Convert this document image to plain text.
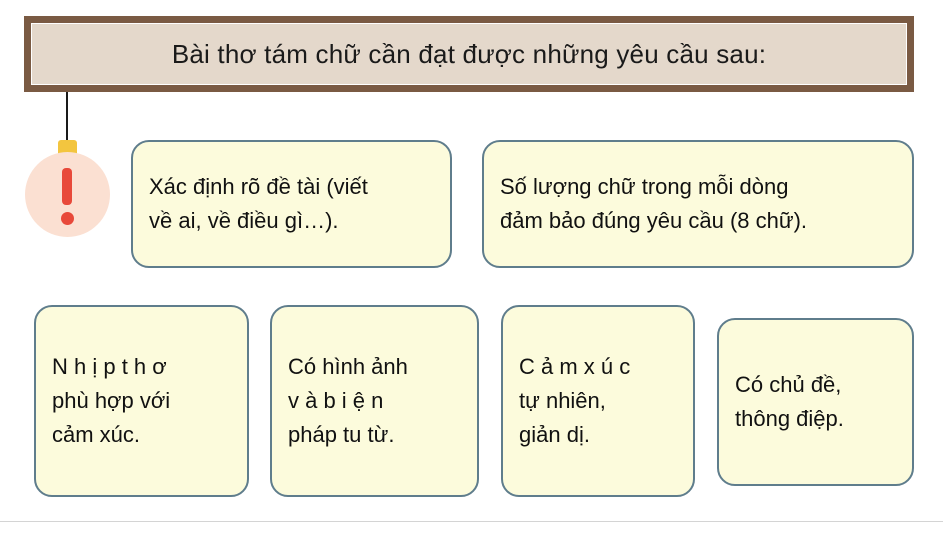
Bài thơ tám chữ cần đạt được những yêu cầu sau:
Xác định rõ đề tài (viết
về ai, về điều gì…).
Số lượng chữ trong mỗi dòng
đảm bảo đúng yêu cầu (8 chữ).
N h ị p t h ơ
phù hợp với
cảm xúc.
Có hình ảnh
v à b i ệ n
pháp tu từ.
C ả m x ú c
tự nhiên,
giản dị.
Có chủ đề,
thông điệp.
